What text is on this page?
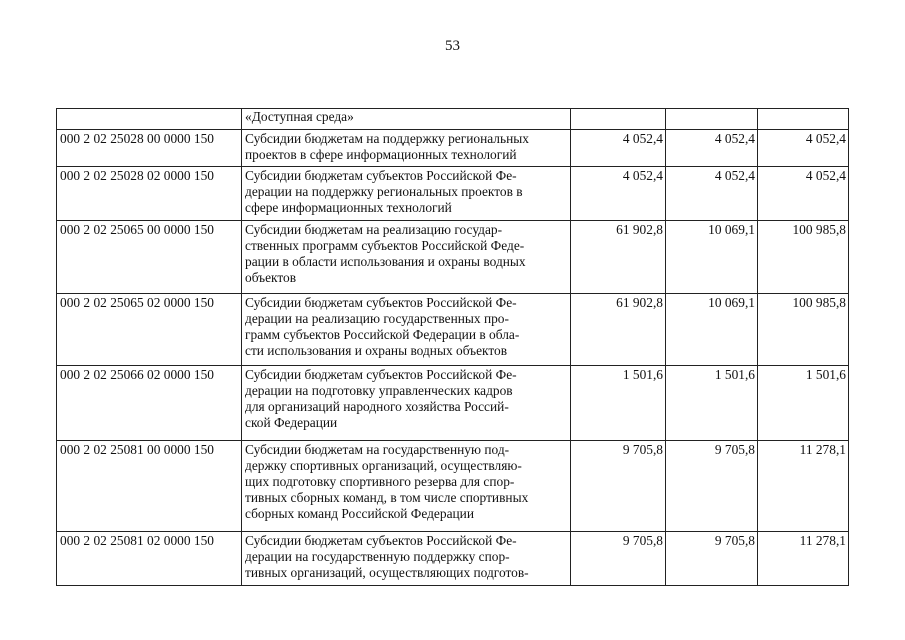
53
	«Доступная среда»			
000 2 02 25028 00 0000 150	Субсидии бюджетам на поддержку региональных
проектов в сфере информационных технологий	4 052,4	4 052,4	4 052,4
000 2 02 25028 02 0000 150	Субсидии бюджетам субъектов Российской Фе-
дерации на поддержку региональных проектов в
сфере информационных технологий	4 052,4	4 052,4	4 052,4
000 2 02 25065 00 0000 150	Субсидии бюджетам на реализацию государ-
ственных программ субъектов Российской Феде-
рации в области использования и охраны водных
объектов	61 902,8	10 069,1	100 985,8
000 2 02 25065 02 0000 150	Субсидии бюджетам субъектов Российской Фе-
дерации на реализацию государственных про-
грамм субъектов Российской Федерации в обла-
сти использования и охраны водных объектов	61 902,8	10 069,1	100 985,8
000 2 02 25066 02 0000 150	Субсидии бюджетам субъектов Российской Фе-
дерации на подготовку управленческих кадров
для организаций народного хозяйства Россий-
ской Федерации	1 501,6	1 501,6	1 501,6
000 2 02 25081 00 0000 150	Субсидии бюджетам на государственную под-
держку спортивных организаций, осуществляю-
щих подготовку спортивного резерва для спор-
тивных сборных команд, в том числе спортивных
сборных команд Российской Федерации	9 705,8	9 705,8	11 278,1
000 2 02 25081 02 0000 150	Субсидии бюджетам субъектов Российской Фе-
дерации на государственную поддержку спор-
тивных организаций, осуществляющих подготов-	9 705,8	9 705,8	11 278,1
